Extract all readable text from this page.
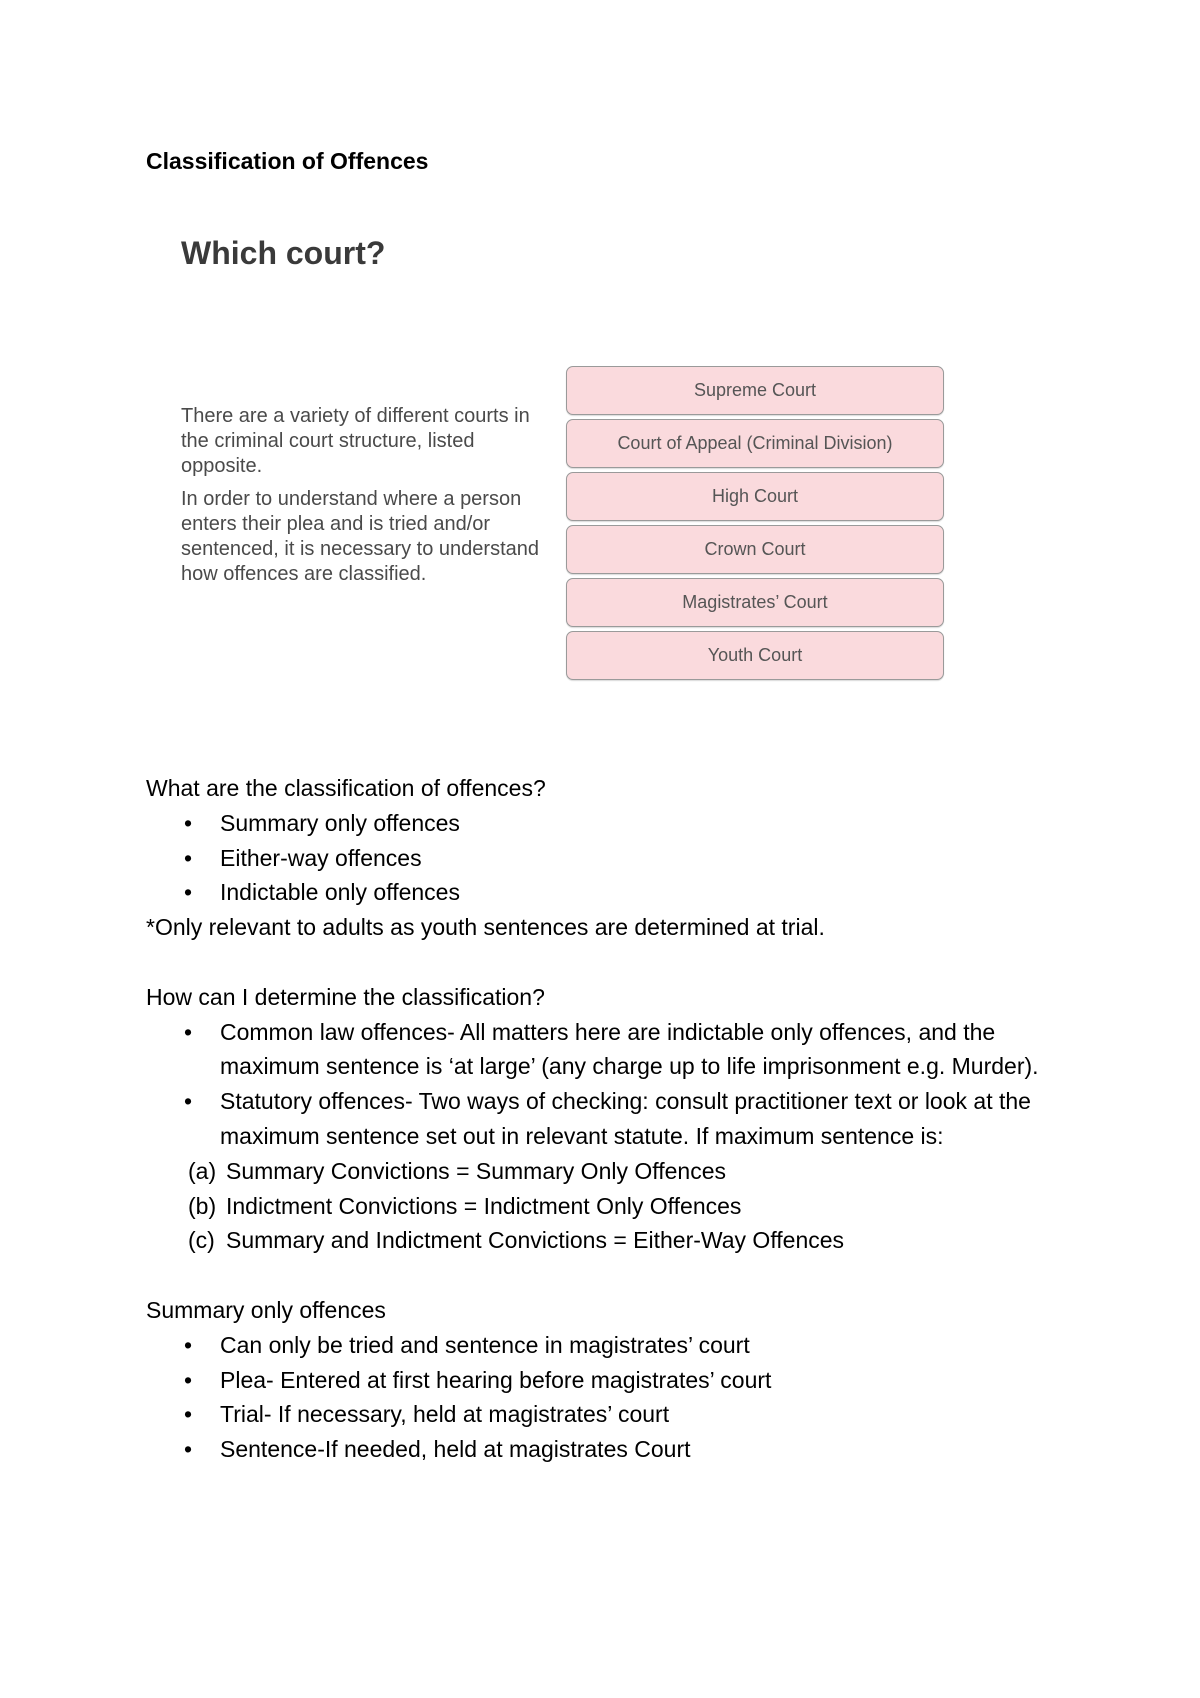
Classification of Offences
Which court?

There are a variety of different courts in the criminal court structure, listed opposite.

In order to understand where a person enters their plea and is tried and/or sentenced, it is necessary to understand how offences are classified.

Supreme Court
Court of Appeal (Criminal Division)
High Court
Crown Court
Magistrates’ Court
Youth Court

What are the classification of offences?

• Summary only offences
• Either-way offences
• Indictable only offences

*Only relevant to adults as youth sentences are determined at trial.

How can I determine the classification?

• Common law offences- All matters here are indictable only offences, and the maximum sentence is ‘at large’ (any charge up to life imprisonment e.g. Murder).
• Statutory offences- Two ways of checking: consult practitioner text or look at the maximum sentence set out in relevant statute. If maximum sentence is:
(a) Summary Convictions = Summary Only Offences
(b) Indictment Convictions = Indictment Only Offences
(c) Summary and Indictment Convictions = Either-Way Offences

Summary only offences

• Can only be tried and sentence in magistrates’ court
• Plea- Entered at first hearing before magistrates’ court
• Trial- If necessary, held at magistrates’ court
• Sentence-If needed, held at magistrates Court
